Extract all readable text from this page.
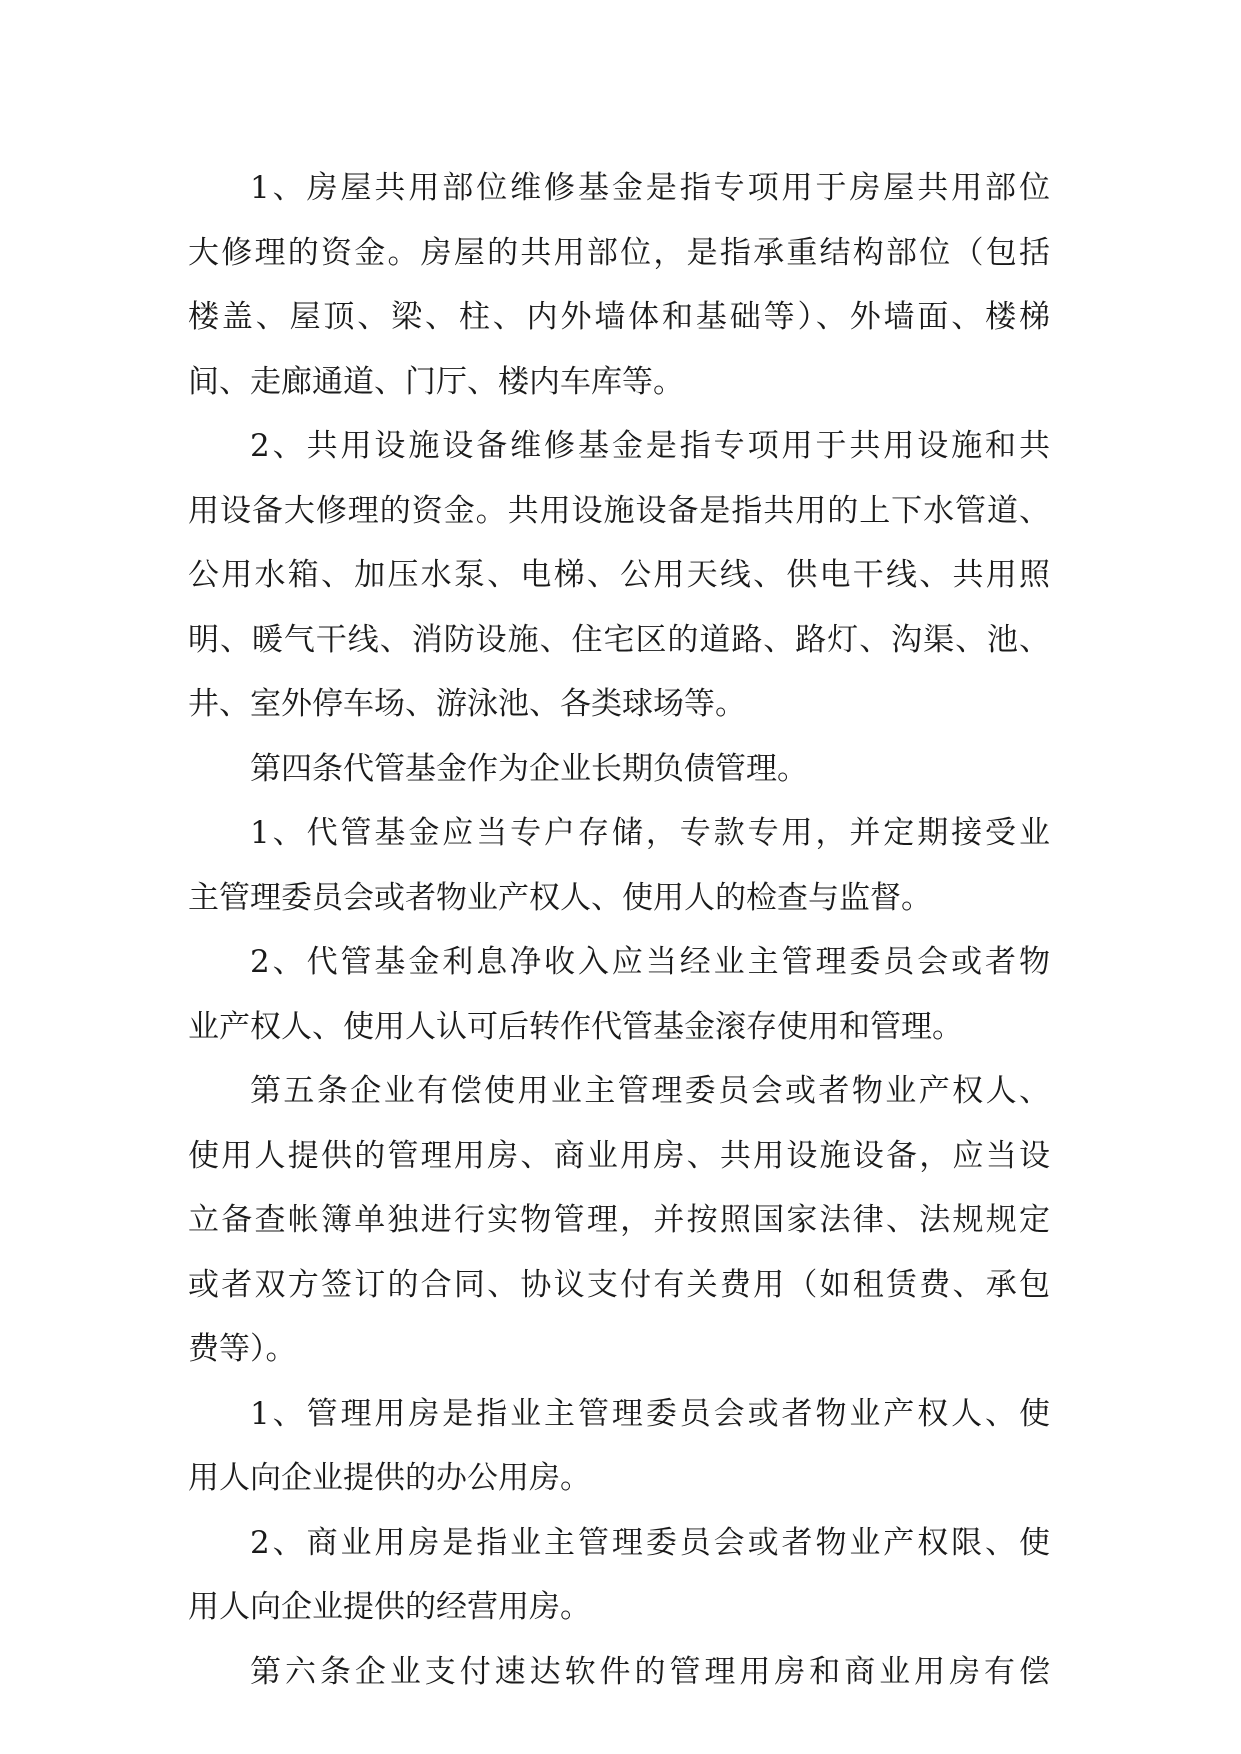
1、房屋共用部位维修基金是指专项用于房屋共用部位
大修理的资金。房屋的共用部位，是指承重结构部位（包括
楼盖、屋顶、梁、柱、内外墙体和基础等）、外墙面、楼梯
间、走廊通道、门厅、楼内车库等。
2、共用设施设备维修基金是指专项用于共用设施和共
用设备大修理的资金。共用设施设备是指共用的上下水管道、
公用水箱、加压水泵、电梯、公用天线、供电干线、共用照
明、暖气干线、消防设施、住宅区的道路、路灯、沟渠、池、
井、室外停车场、游泳池、各类球场等。
第四条代管基金作为企业长期负债管理。
1、代管基金应当专户存储，专款专用，并定期接受业
主管理委员会或者物业产权人、使用人的检查与监督。
2、代管基金利息净收入应当经业主管理委员会或者物
业产权人、使用人认可后转作代管基金滚存使用和管理。
第五条企业有偿使用业主管理委员会或者物业产权人、
使用人提供的管理用房、商业用房、共用设施设备，应当设
立备查帐簿单独进行实物管理，并按照国家法律、法规规定
或者双方签订的合同、协议支付有关费用（如租赁费、承包
费等）。
1、管理用房是指业主管理委员会或者物业产权人、使
用人向企业提供的办公用房。
2、商业用房是指业主管理委员会或者物业产权限、使
用人向企业提供的经营用房。
第六条企业支付速达软件的管理用房和商业用房有偿
